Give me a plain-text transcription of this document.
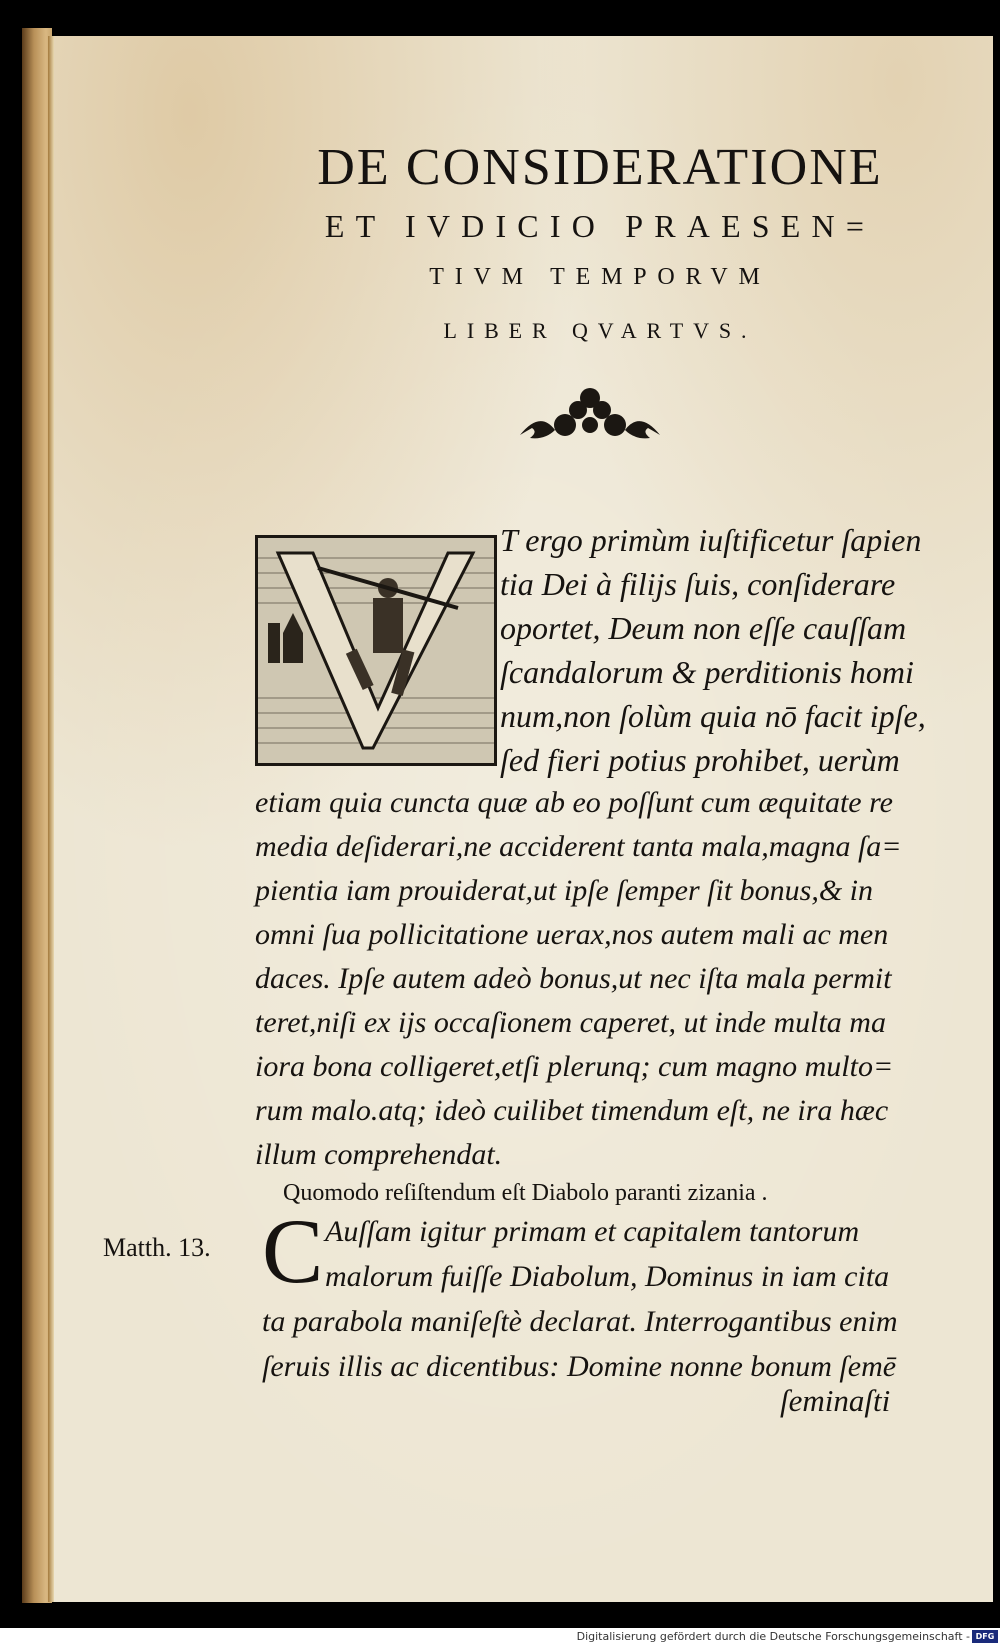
DE CONSIDERATIONE
ET IVDICIO PRAESEN=
TIVM TEMPORVM
LIBER QVARTVS.
T ergo primùm iuſtificetur ſapien
tia Dei à filijs ſuis, conſiderare
oportet, Deum non eſſe cauſſam
ſcandalorum & perditionis homi
num,non ſolùm quia nō facit ipſe,
ſed fieri potius prohibet, uerùm
etiam quia cuncta quæ ab eo poſſunt cum æquitate re
media deſiderari,ne acciderent tanta mala,magna ſa=
pientia iam prouiderat,ut ipſe ſemper ſit bonus,& in
omni ſua pollicitatione uerax,nos autem mali ac men
daces. Ipſe autem adeò bonus,ut nec iſta mala permit
teret,niſi ex ijs occaſionem caperet, ut inde multa ma
iora bona colligeret,etſi plerunq; cum magno multo=
rum malo.atq; ideò cuilibet timendum eſt, ne ira hæc
illum comprehendat.
Quomodo reſiſtendum eſt Diabolo paranti zizania .
Matth. 13. C Auſſam igitur primam et capitalem tantorum
malorum fuiſſe Diabolum, Dominus in iam cita
ta parabola maniſeſtè declarat. Interrogantibus enim
ſeruis illis ac dicentibus: Domine nonne bonum ſemē
ſeminaſti
Digitalisierung gefördert durch die Deutsche Forschungsgemeinschaft - DFG
